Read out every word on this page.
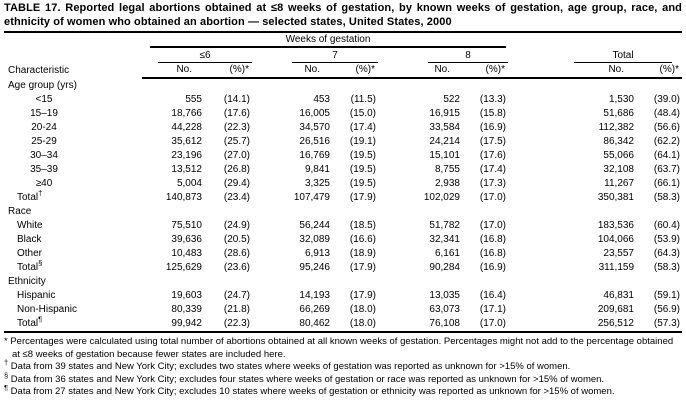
TABLE 17. Reported legal abortions obtained at ≤8 weeks of gestation, by known weeks of gestation, age group, race, and ethnicity of women who obtained an abortion — selected states, United States, 2000
Characteristic	Weeks of gestation							

	≤6		7		8		Total	

	No.	(%)*	No.	(%)*	No.	(%)*	No.	(%)*
Age group (yrs)								
<15	555	(14.1)	453	(11.5)	522	(13.3)	1,530	(39.0)
15–19	18,766	(17.6)	16,005	(15.0)	16,915	(15.8)	51,686	(48.4)
20-24	44,228	(22.3)	34,570	(17.4)	33,584	(16.9)	112,382	(56.6)
25-29	35,612	(25.7)	26,516	(19.1)	24,214	(17.5)	86,342	(62.2)
30–34	23,196	(27.0)	16,769	(19.5)	15,101	(17.6)	55,066	(64.1)
35–39	13,512	(26.8)	9,841	(19.5)	8,755	(17.4)	32,108	(63.7)
≥40	5,004	(29.4)	3,325	(19.5)	2,938	(17.3)	11,267	(66.1)
Total†	140,873	(23.4)	107,479	(17.9)	102,029	(17.0)	350,381	(58.3)
Race								
White	75,510	(24.9)	56,244	(18.5)	51,782	(17.0)	183,536	(60.4)
Black	39,636	(20.5)	32,089	(16.6)	32,341	(16.8)	104,066	(53.9)
Other	10,483	(28.6)	6,913	(18.9)	6,161	(16.8)	23,557	(64.3)
Total§	125,629	(23.6)	95,246	(17.9)	90,284	(16.9)	311,159	(58.3)
Ethnicity								
Hispanic	19,603	(24.7)	14,193	(17.9)	13,035	(16.4)	46,831	(59.1)
Non-Hispanic	80,339	(21.8)	66,269	(18.0)	63,073	(17.1)	209,681	(56.9)
Total¶	99,942	(22.3)	80,462	(18.0)	76,108	(17.0)	256,512	(57.3)

* Percentages were calculated using total number of abortions obtained at all known weeks of gestation. Percentages might not add to the percentage obtained at ≤8 weeks of gestation because fewer states are included here.

† Data from 39 states and New York City; excludes two states where weeks of gestation was reported as unknown for >15% of women.

§ Data from 36 states and New York City; excludes four states where weeks of gestation or race was reported as unknown for >15% of women.

¶ Data from 27 states and New York City; excludes 10 states where weeks of gestation or ethnicity was reported as unknown for >15% of women.
